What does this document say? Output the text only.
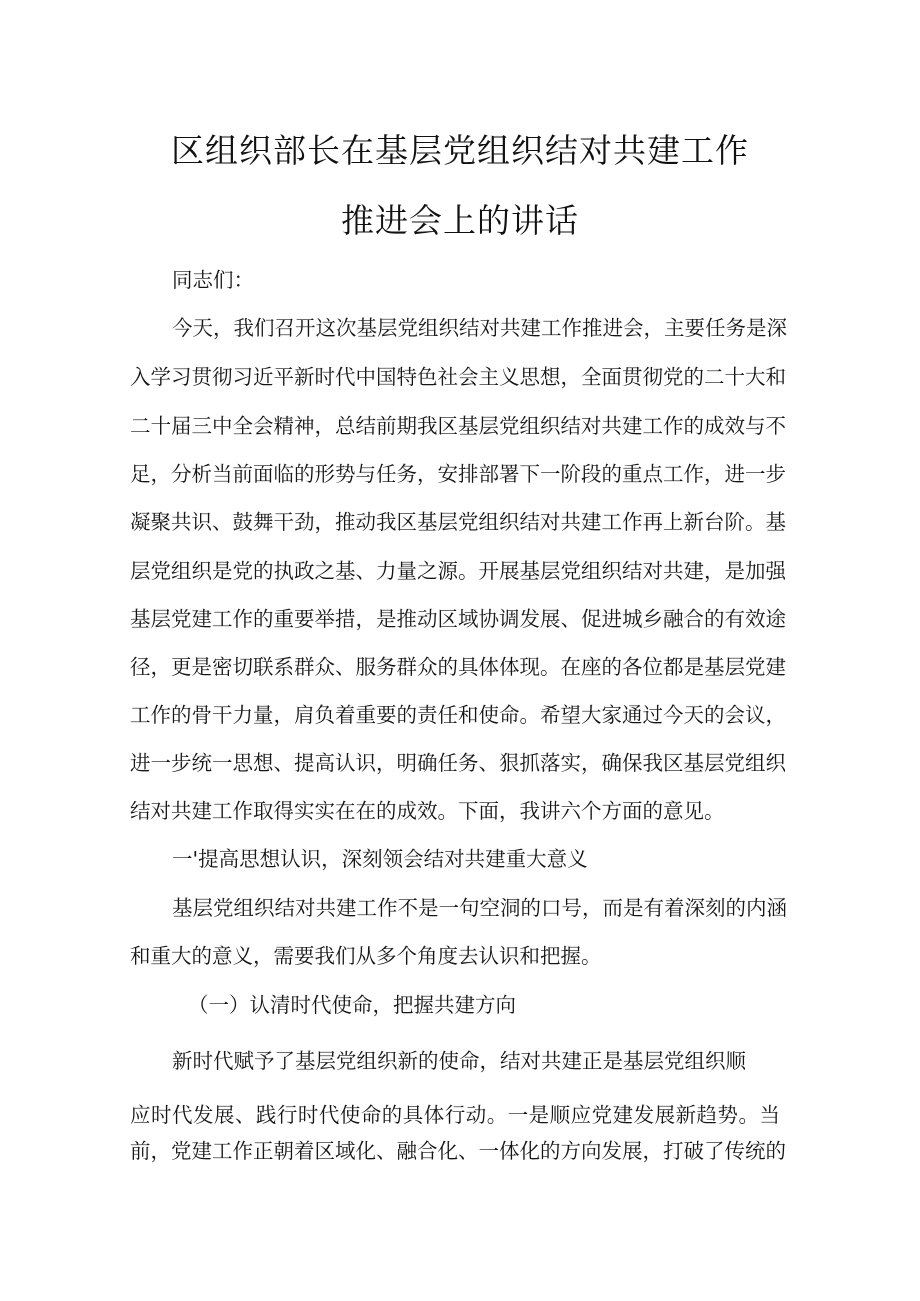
区组织部长在基层党组织结对共建工作
推进会上的讲话
同志们：
今天，我们召开这次基层党组织结对共建工作推进会，主要任务是深
入学习贯彻习近平新时代中国特色社会主义思想，全面贯彻党的二十大和
二十届三中全会精神，总结前期我区基层党组织结对共建工作的成效与不
足，分析当前面临的形势与任务，安排部署下一阶段的重点工作，进一步
凝聚共识、鼓舞干劲，推动我区基层党组织结对共建工作再上新台阶。基
层党组织是党的执政之基、力量之源。开展基层党组织结对共建，是加强
基层党建工作的重要举措，是推动区域协调发展、促进城乡融合的有效途
径，更是密切联系群众、服务群众的具体体现。在座的各位都是基层党建
工作的骨干力量，肩负着重要的责任和使命。希望大家通过今天的会议，
进一步统一思想、提高认识，明确任务、狠抓落实，确保我区基层党组织
结对共建工作取得实实在在的成效。下面，我讲六个方面的意见。
一'提高思想认识，深刻领会结对共建重大意义
基层党组织结对共建工作不是一句空洞的口号，而是有着深刻的内涵
和重大的意义，需要我们从多个角度去认识和把握。
（一）认清时代使命，把握共建方向
新时代赋予了基层党组织新的使命，结对共建正是基层党组织顺
应时代发展、践行时代使命的具体行动。一是顺应党建发展新趋势。当
前，党建工作正朝着区域化、融合化、一体化的方向发展，打破了传统的
